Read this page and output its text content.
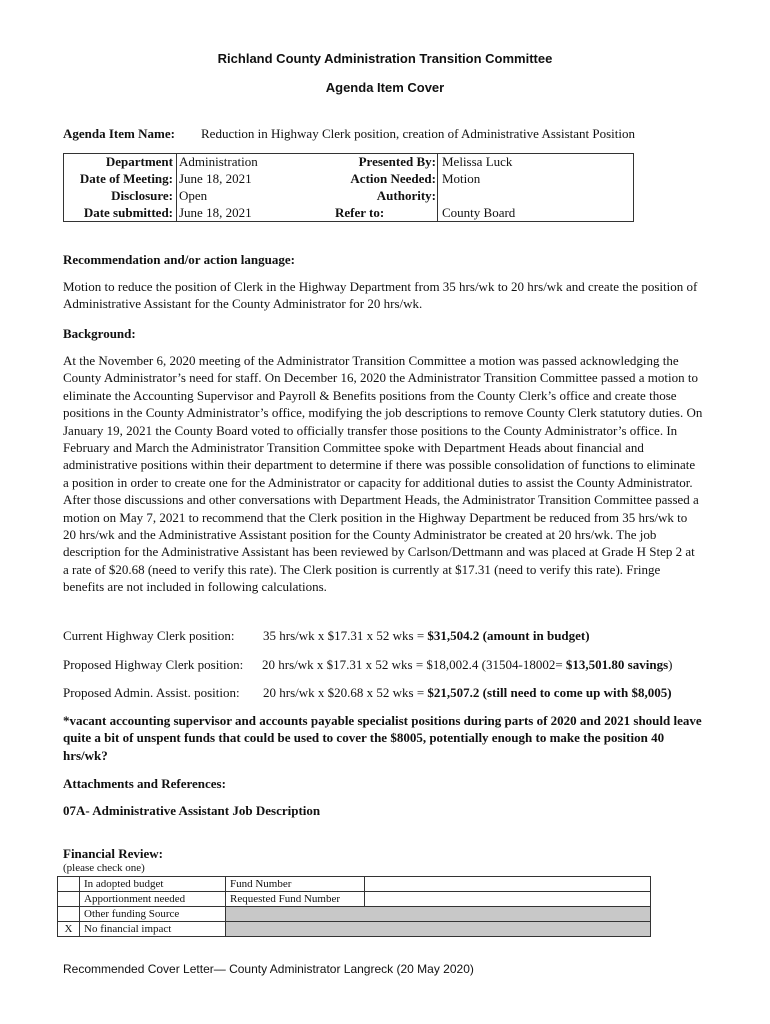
Richland County Administration Transition Committee
Agenda Item Cover
Agenda Item Name: Reduction in Highway Clerk position, creation of Administrative Assistant Position
Department	Administration	Presented By:	Melissa Luck
Date of Meeting:	June 18, 2021	Action Needed:	Motion
Disclosure:	Open	Authority:	
Date submitted:	June 18, 2021	Refer to:	County Board
Recommendation and/or action language:
Motion to reduce the position of Clerk in the Highway Department from 35 hrs/wk to 20 hrs/wk and create the position of Administrative Assistant for the County Administrator for 20 hrs/wk.
Background:
At the November 6, 2020 meeting of the Administrator Transition Committee a motion was passed acknowledging the County Administrator’s need for staff. On December 16, 2020 the Administrator Transition Committee passed a motion to eliminate the Accounting Supervisor and Payroll & Benefits positions from the County Clerk’s office and create those positions in the County Administrator’s office, modifying the job descriptions to remove County Clerk statutory duties. On January 19, 2021 the County Board voted to officially transfer those positions to the County Administrator’s office. In February and March the Administrator Transition Committee spoke with Department Heads about financial and administrative positions within their department to determine if there was possible consolidation of functions to eliminate a position in order to create one for the Administrator or capacity for additional duties to assist the County Administrator. After those discussions and other conversations with Department Heads, the Administrator Transition Committee passed a motion on May 7, 2021 to recommend that the Clerk position in the Highway Department be reduced from 35 hrs/wk to 20 hrs/wk and the Administrative Assistant position for the County Administrator be created at 20 hrs/wk. The job description for the Administrative Assistant has been reviewed by Carlson/Dettmann and was placed at Grade H Step 2 at a rate of $20.68 (need to verify this rate). The Clerk position is currently at $17.31 (need to verify this rate). Fringe benefits are not included in following calculations.
Current Highway Clerk position: 35 hrs/wk x $17.31 x 52 wks = $31,504.2 (amount in budget)
Proposed Highway Clerk position: 20 hrs/wk x $17.31 x 52 wks = $18,002.4 (31504-18002= $13,501.80 savings)
Proposed Admin. Assist. position: 20 hrs/wk x $20.68 x 52 wks = $21,507.2 (still need to come up with $8,005)
*vacant accounting supervisor and accounts payable specialist positions during parts of 2020 and 2021 should leave quite a bit of unspent funds that could be used to cover the $8005, potentially enough to make the position 40 hrs/wk?
Attachments and References:
07A- Administrative Assistant Job Description
Financial Review:
(please check one)
	In adopted budget	Fund Number	
	Apportionment needed	Requested Fund Number	
	Other funding Source		
X	No financial impact		
Recommended Cover Letter— County Administrator Langreck (20 May 2020)
